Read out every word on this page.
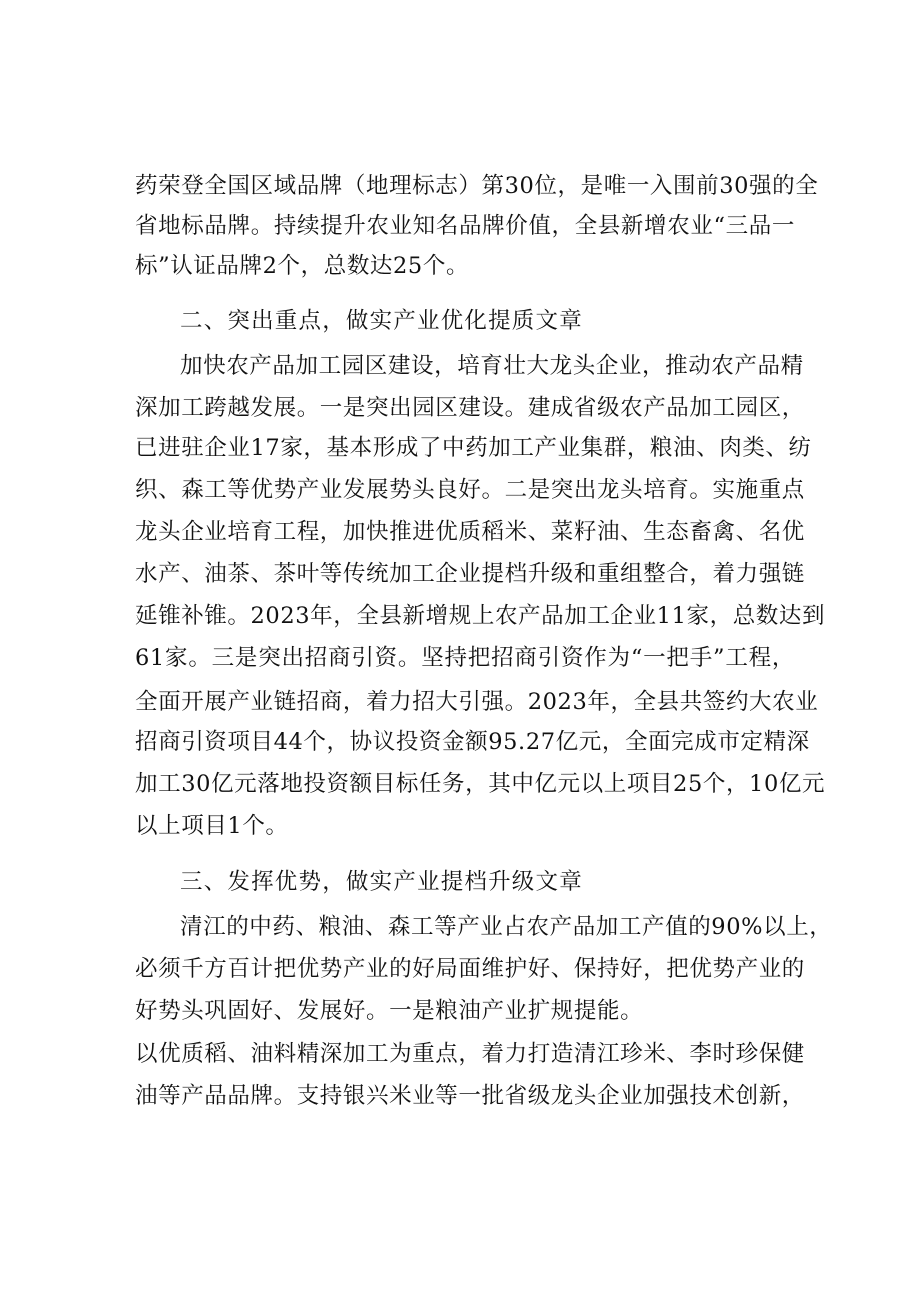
药荣登全国区域品牌（地理标志）第30位，是唯一入围前30强的全
省地标品牌。持续提升农业知名品牌价值，全县新增农业“三品一
标”认证品牌2个，总数达25个。
二、突出重点，做实产业优化提质文章
加快农产品加工园区建设，培育壮大龙头企业，推动农产品精
深加工跨越发展。一是突出园区建设。建成省级农产品加工园区，
已进驻企业17家，基本形成了中药加工产业集群，粮油、肉类、纺
织、森工等优势产业发展势头良好。二是突出龙头培育。实施重点
龙头企业培育工程，加快推进优质稻米、菜籽油、生态畜禽、名优
水产、油茶、茶叶等传统加工企业提档升级和重组整合，着力强链
延锥补锥。2023年，全县新增规上农产品加工企业11家，总数达到
61家。三是突出招商引资。坚持把招商引资作为“一把手”工程，
全面开展产业链招商，着力招大引强。2023年，全县共签约大农业
招商引资项目44个，协议投资金额95.27亿元，全面完成市定精深
加工30亿元落地投资额目标任务，其中亿元以上项目25个，10亿元
以上项目1个。
三、发挥优势，做实产业提档升级文章
清江的中药、粮油、森工等产业占农产品加工产值的90%以上，
必须千方百计把优势产业的好局面维护好、保持好，把优势产业的
好势头巩固好、发展好。一是粮油产业扩规提能。
以优质稻、油料精深加工为重点，着力打造清江珍米、李时珍保健
油等产品品牌。支持银兴米业等一批省级龙头企业加强技术创新，
